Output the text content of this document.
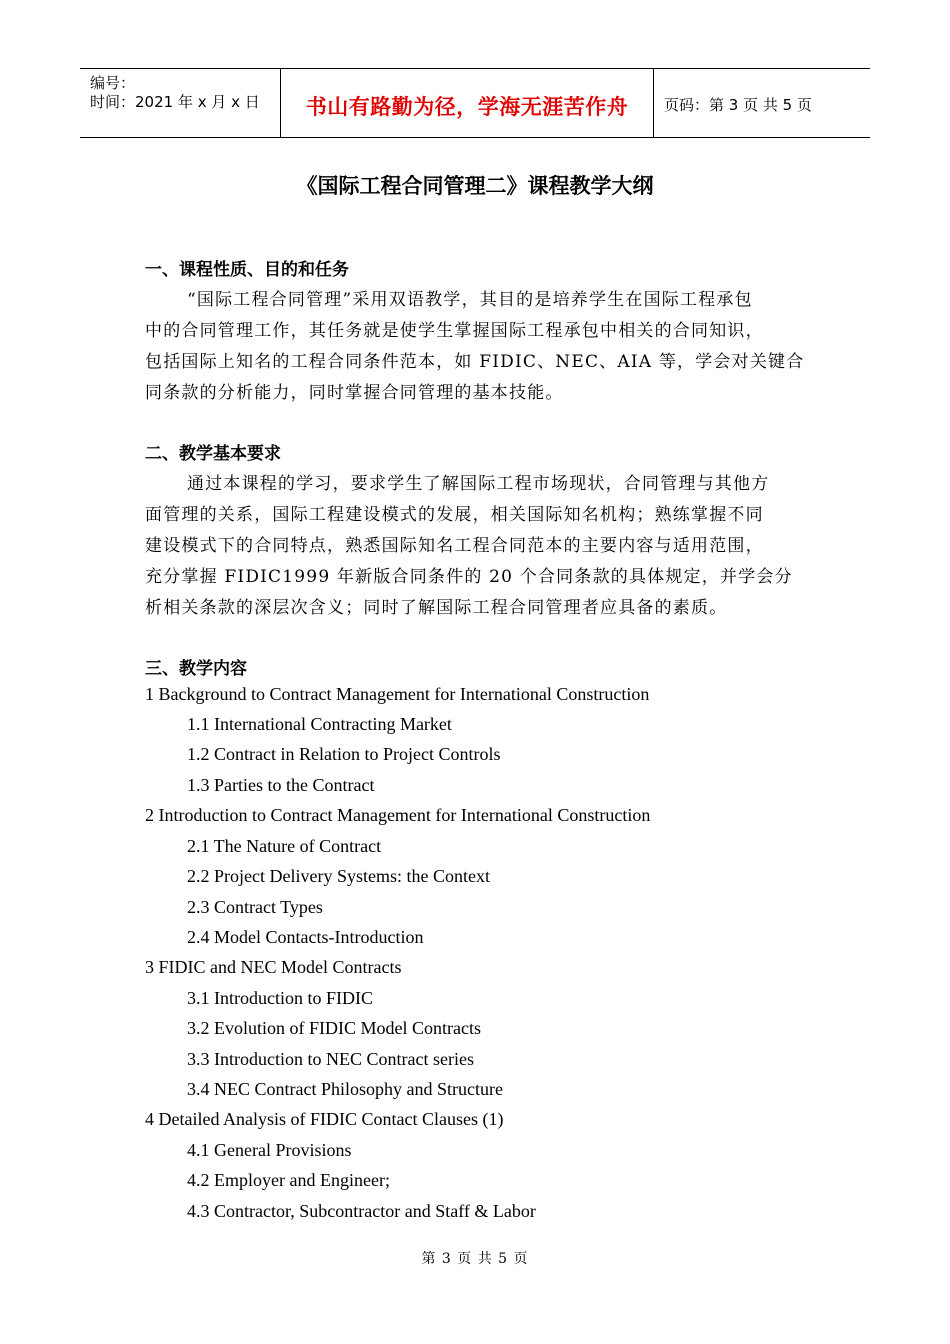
编号：
时间：2021 年 x 月 x 日	书山有路勤为径，学海无涯苦作舟	页码：第 3 页 共 5 页
《国际工程合同管理二》课程教学大纲
一、课程性质、目的和任务
“国际工程合同管理”采用双语教学，其目的是培养学生在国际工程承包
中的合同管理工作，其任务就是使学生掌握国际工程承包中相关的合同知识，
包括国际上知名的工程合同条件范本，如 FIDIC、NEC、AIA 等，学会对关键合
同条款的分析能力，同时掌握合同管理的基本技能。
二、教学基本要求
通过本课程的学习，要求学生了解国际工程市场现状，合同管理与其他方
面管理的关系，国际工程建设模式的发展，相关国际知名机构；熟练掌握不同
建设模式下的合同特点，熟悉国际知名工程合同范本的主要内容与适用范围，
充分掌握 FIDIC1999 年新版合同条件的 20 个合同条款的具体规定，并学会分
析相关条款的深层次含义；同时了解国际工程合同管理者应具备的素质。
三、教学内容
1 Background to Contract Management for International Construction
1.1 International Contracting Market
1.2 Contract in Relation to Project Controls
1.3 Parties to the Contract
2 Introduction to Contract Management for International Construction
2.1 The Nature of Contract
2.2 Project Delivery Systems: the Context
2.3 Contract Types
2.4 Model Contacts-Introduction
3 FIDIC and NEC Model Contracts
3.1 Introduction to FIDIC
3.2 Evolution of FIDIC Model Contracts
3.3 Introduction to NEC Contract series
3.4 NEC Contract Philosophy and Structure
4 Detailed Analysis of FIDIC Contact Clauses (1)
4.1 General Provisions
4.2 Employer and Engineer;
4.3 Contractor, Subcontractor and Staff & Labor
第 3 页 共 5 页
